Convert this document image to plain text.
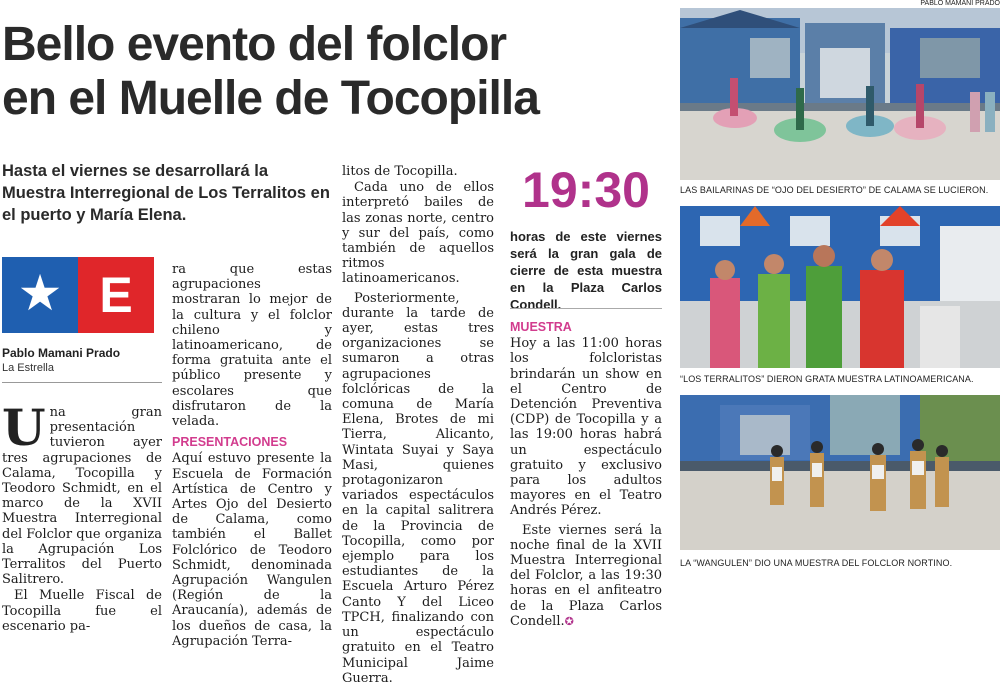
Bello evento del folclor
en el Muelle de Tocopilla
Hasta el viernes se desarrollará la Muestra Interregional de Los Terralitos en el puerto y María Elena.
★ E
Pablo Mamani Prado
La Estrella

Una gran presentación tuvieron ayer tres agrupaciones de Calama, Tocopilla y Teodoro Schmidt, en el marco de la XVII Muestra Interregional del Folclor que organiza la Agrupación Los Terralitos del Puerto Salitrero.

El Muelle Fiscal de Tocopilla fue el escenario pa-

ra que estas agrupaciones mostraran lo mejor de la cultura y el folclor chileno y latinoamericano, de forma gratuita ante el público presente y escolares que disfrutaron de la velada.

PRESENTACIONES

Aquí estuvo presente la Escuela de Formación Artística de Centro y Artes Ojo del Desierto de Calama, como también el Ballet Folclórico de Teodoro Schmidt, denominada Agrupación Wangulen (Región de la Araucanía), además de los dueños de casa, la Agrupación Terra-

litos de Tocopilla.

Cada uno de ellos interpretó bailes de las zonas norte, centro y sur del país, como también de aquellos ritmos latinoamericanos.

Posteriormente, durante la tarde de ayer, estas tres organizaciones se sumaron a otras agrupaciones folclóricas de la comuna de María Elena, Brotes de mi Tierra, Alicanto, Wintata Suyai y Saya Masi, quienes protagonizaron variados espectáculos en la capital salitrera de la Provincia de Tocopilla, como por ejemplo para los estudiantes de la Escuela Arturo Pérez Canto Y del Liceo TPCH, finalizando con un espectáculo gratuito en el Teatro Municipal Jaime Guerra.

19:30
horas de este viernes será la gran gala de cierre de esta muestra en la Plaza Carlos Condell.
MUESTRA

Hoy a las 11:00 horas los folcloristas brindarán un show en el Centro de Detención Preventiva (CDP) de Tocopilla y a las 19:00 horas habrá un espectáculo gratuito y exclusivo para los adultos mayores en el Teatro Andrés Pérez.

Este viernes será la noche final de la XVII Muestra Interregional del Folclor, a las 19:30 horas en el anfiteatro de la Plaza Carlos Condell.✪

PABLO MAMANI PRADO
LAS BAILARINAS DE “OJO DEL DESIERTO” DE CALAMA SE LUCIERON.
“LOS TERRALITOS” DIERON GRATA MUESTRA LATINOAMERICANA.
LA “WANGULEN” DIO UNA MUESTRA DEL FOLCLOR NORTINO.
